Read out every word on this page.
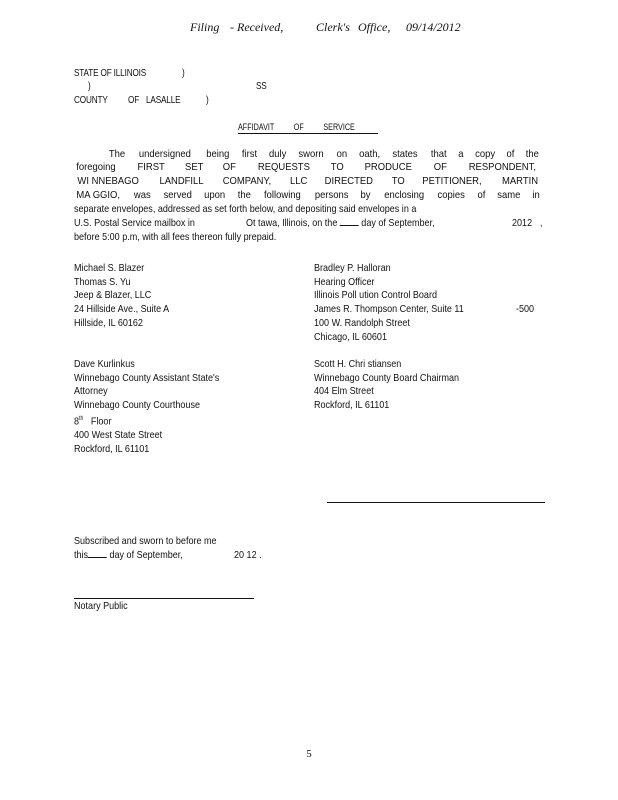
Filing - Received,	Clerk's Office, 09/14/2012
STATE OF ILLINOIS	)
)	SS
COUNTY OF LASALLE	)
AFFIDAVIT OF SERVICE
The undersigned being first duly sworn on oath, states that a copy of the
foregoing FIRST SET OF REQUESTS TO PRODUCE OF RESPONDENT,
WI NNEBAGO LANDFILL COMPANY, LLC DIRECTED TO PETITIONER, MARTIN
MA GGIO, was served upon the following persons by enclosing copies of same in
separate envelopes, addressed as set forth below, and depositing said envelopes in a
U.S. Postal Service mailbox in	Ot tawa, Illinois, on the day of September,	2012 ,
before 5:00 p.m, with all fees thereon fully prepaid.
Michael S. Blazer
Thomas S. Yu
Jeep & Blazer, LLC
24 Hillside Ave., Suite A
Hillside, IL 60162
Bradley P. Halloran
Hearing Officer
Illinois Poll ution Control Board
James R. Thompson Center, Suite 11
100 W. Randolph Street
Chicago, IL 60601
-500
Dave Kurlinkus
Winnebago County Assistant State's
Attorney
Winnebago County Courthouse
8th Floor
400 West State Street
Rockford, IL 61101
Scott H. Chri stiansen
Winnebago County Board Chairman
404 Elm Street
Rockford, IL 61101
Subscribed and sworn to before me
this day of September,	20 12 .
Notary Public
5
